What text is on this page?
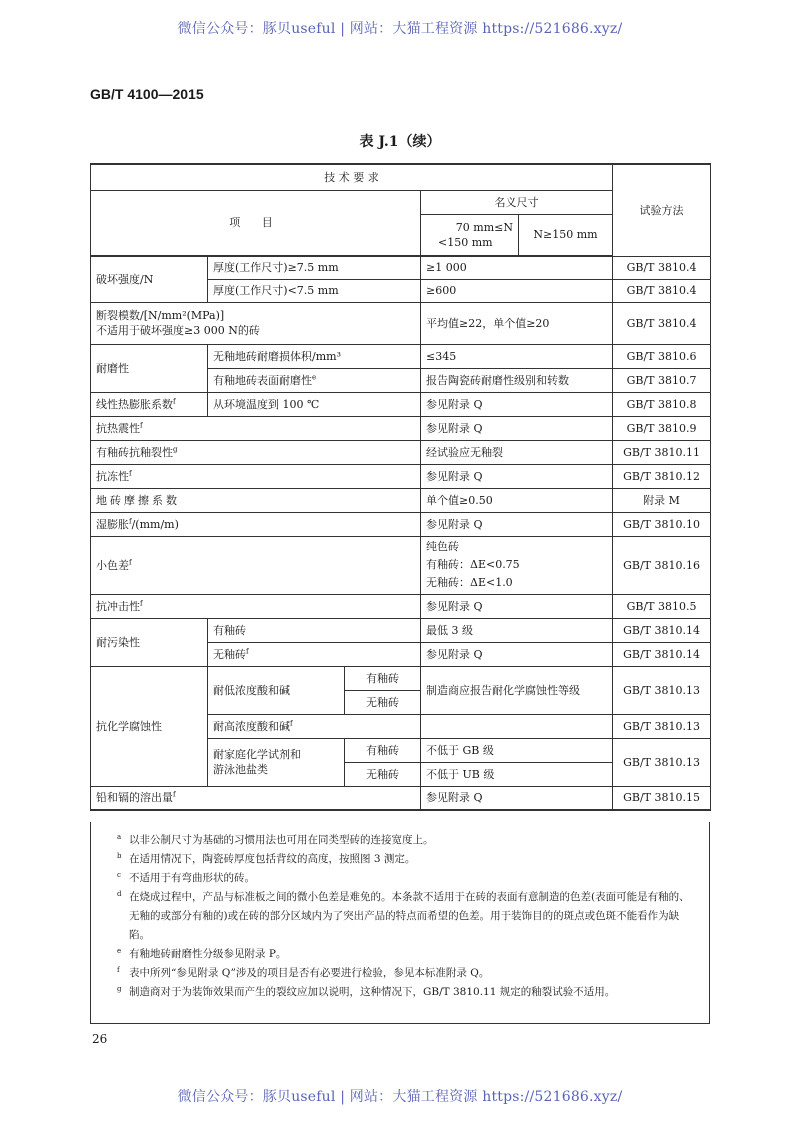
微信公众号：豚贝useful | 网站：大猫工程资源 https://521686.xyz/
GB/T 4100—2015
表 J.1（续）
技 术 要 求					试验方法
项 目			名义尺寸		

			70 mm≤N
<150 mm	N≥150 mm	
破坏强度/N	厚度(工作尺寸)≥7.5 mm		≥1 000		GB/T 3810.4
	厚度(工作尺寸)<7.5 mm		≥600		GB/T 3810.4

断裂模数/[N/mm²(MPa)]
不适用于破坏强度≥3 000 N的砖			平均值≥22，单个值≥20		GB/T 3810.4
耐磨性	无釉地砖耐磨损体积/mm³		≤345		GB/T 3810.6
	有釉地砖表面耐磨性$^e$		报告陶瓷砖耐磨性级别和转数		GB/T 3810.7
线性热膨胀系数$^f$	从环境温度到 100 ℃		参见附录 Q		GB/T 3810.8
抗热震性$^f$			参见附录 Q		GB/T 3810.9
有釉砖抗釉裂性$^g$			经试验应无釉裂		GB/T 3810.11
抗冻性$^f$			参见附录 Q		GB/T 3810.12
地砖摩擦系数			单个值≥0.50		附录 M
湿膨胀$^f$/(mm/m)			参见附录 Q		GB/T 3810.10
小色差$^f$			纯色砖
有釉砖：ΔE<0.75
无釉砖：ΔE<1.0		GB/T 3810.16
抗冲击性$^f$			参见附录 Q		GB/T 3810.5
耐污染性	有釉砖		最低 3 级		GB/T 3810.14
	无釉砖$^f$		参见附录 Q		GB/T 3810.14
抗化学腐蚀性	耐低浓度酸和碱	有釉砖	制造商应报告耐化学腐蚀性等级		GB/T 3810.13
		无釉砖			
	耐高浓度酸和碱$^f$				GB/T 3810.13

	耐家庭化学试剂和
游泳池盐类	有釉砖	不低于 GB 级		GB/T 3810.13
		无釉砖	不低于 UB 级		

铅和镉的溶出量$^f$			参见附录 Q		GB/T 3810.15

a 以非公制尺寸为基础的习惯用法也可用在同类型砖的连接宽度上。

b 在适用情况下，陶瓷砖厚度包括背纹的高度，按照图 3 测定。

c 不适用于有弯曲形状的砖。

d 在烧成过程中，产品与标准板之间的微小色差是难免的。本条款不适用于在砖的表面有意制造的色差(表面可能是有釉的、无釉的或部分有釉的)或在砖的部分区域内为了突出产品的特点而希望的色差。用于装饰目的的斑点或色斑不能看作为缺陷。

e 有釉地砖耐磨性分级参见附录 P。

f 表中所列“参见附录 Q”涉及的项目是否有必要进行检验，参见本标准附录 Q。

g 制造商对于为装饰效果而产生的裂纹应加以说明，这种情况下，GB/T 3810.11 规定的釉裂试验不适用。

26
微信公众号：豚贝useful | 网站：大猫工程资源 https://521686.xyz/
